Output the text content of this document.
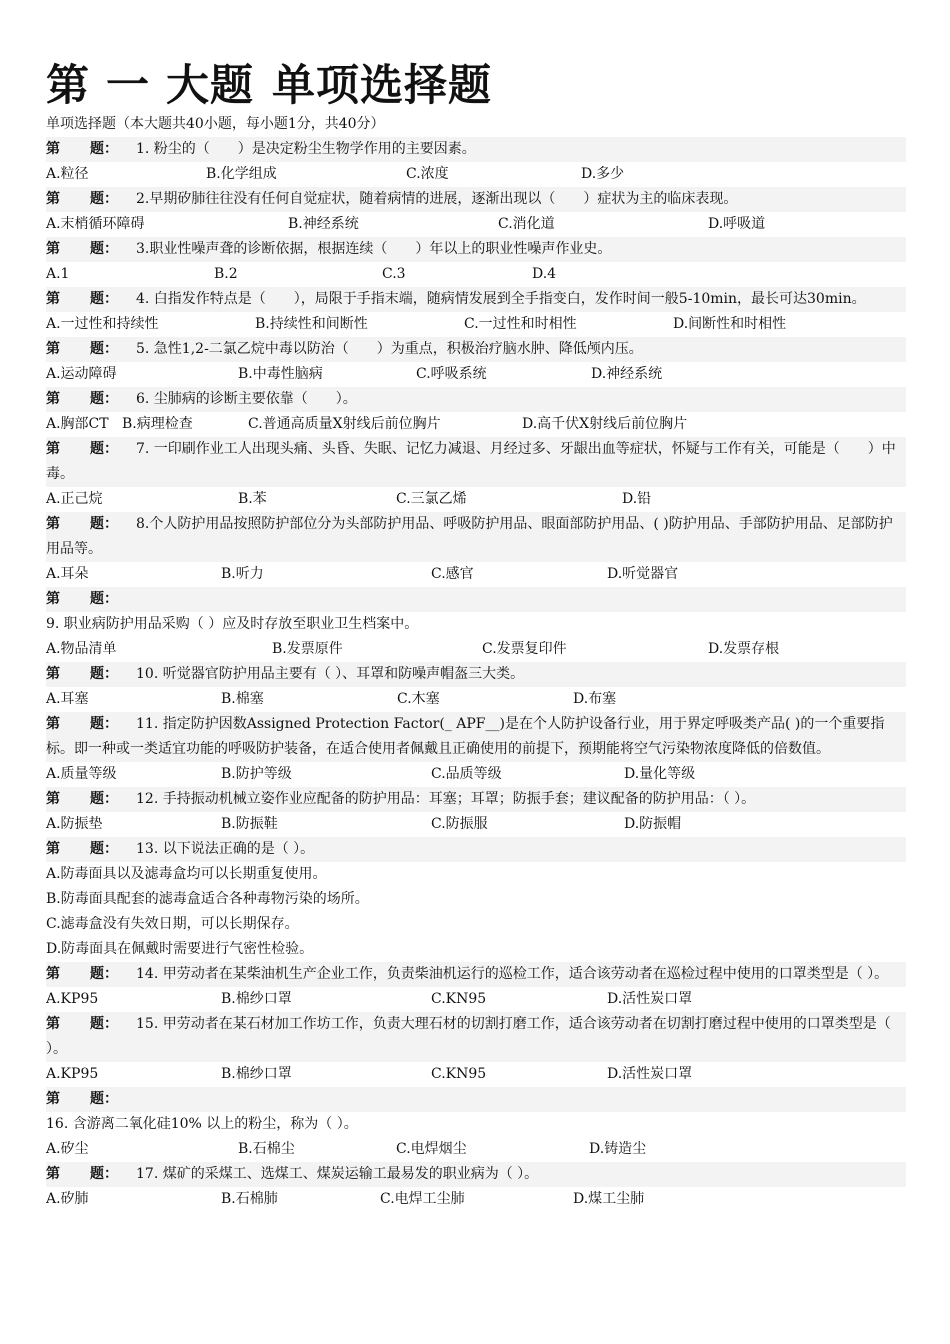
第 一 大题 单项选择题
单项选择题（本大题共40小题，每小题1分，共40分）
第 题： 1. 粉尘的（　　）是决定粉尘生物学作用的主要因素。
A.粒径	B.化学组成	C.浓度	D.多少
第 题： 2.早期矽肺往往没有任何自觉症状，随着病情的进展，逐渐出现以（　　）症状为主的临床表现。
A.末梢循环障碍	B.神经系统	C.消化道	D.呼吸道
第 题： 3.职业性噪声聋的诊断依据，根据连续（　　）年以上的职业性噪声作业史。
A.1	B.2	C.3	D.4
第 题： 4. 白指发作特点是（　　），局限于手指末端，随病情发展到全手指变白，发作时间一般5-10min，最长可达30min。
A.一过性和持续性	B.持续性和间断性	C.一过性和时相性	D.间断性和时相性
第 题： 5. 急性1,2-二氯乙烷中毒以防治（　　）为重点，积极治疗脑水肿、降低颅内压。
A.运动障碍	B.中毒性脑病	C.呼吸系统	D.神经系统
第 题： 6. 尘肺病的诊断主要依靠（　　）。
A.胸部CT B.病理检查	C.普通高质量X射线后前位胸片	D.高千伏X射线后前位胸片
第 题： 7. 一印刷作业工人出现头痛、头昏、失眠、记忆力减退、月经过多、牙龈出血等症状，怀疑与工作有关，可能是（　　）中毒。
A.正己烷	B.苯	C.三氯乙烯	D.铅
第 题： 8.个人防护用品按照防护部位分为头部防护用品、呼吸防护用品、眼面部防护用品、( )防护用品、手部防护用品、足部防护用品等。
A.耳朵	B.听力	C.感官	D.听觉器官
第 题：
9. 职业病防护用品采购（ ）应及时存放至职业卫生档案中。
A.物品清单	B.发票原件	C.发票复印件	D.发票存根
第 题： 10. 听觉器官防护用品主要有（ ）、耳罩和防噪声帽盔三大类。
A.耳塞	B.棉塞	C.木塞	D.布塞
第 题： 11. 指定防护因数Assigned Protection Factor(_ APF__)是在个人防护设备行业，用于界定呼吸类产品( )的一个重要指标。即一种或一类适宜功能的呼吸防护装备，在适合使用者佩戴且正确使用的前提下，预期能将空气污染物浓度降低的倍数值。
A.质量等级	B.防护等级	C.品质等级	D.量化等级
第 题： 12. 手持振动机械立姿作业应配备的防护用品：耳塞；耳罩；防振手套；建议配备的防护用品：（ ）。
A.防振垫	B.防振鞋	C.防振服	D.防振帽
第 题： 13. 以下说法正确的是（ ）。
A.防毒面具以及滤毒盒均可以长期重复使用。
B.防毒面具配套的滤毒盒适合各种毒物污染的场所。
C.滤毒盒没有失效日期，可以长期保存。
D.防毒面具在佩戴时需要进行气密性检验。
第 题： 14. 甲劳动者在某柴油机生产企业工作，负责柴油机运行的巡检工作，适合该劳动者在巡检过程中使用的口罩类型是（ ）。
A.KP95	B.棉纱口罩	C.KN95	D.活性炭口罩
第 题： 15. 甲劳动者在某石材加工作坊工作，负责大理石材的切割打磨工作，适合该劳动者在切割打磨过程中使用的口罩类型是（ ）。
A.KP95	B.棉纱口罩	C.KN95	D.活性炭口罩
第 题：
16. 含游离二氧化硅10% 以上的粉尘，称为（ ）。
A.矽尘	B.石棉尘	C.电焊烟尘	D.铸造尘
第 题： 17. 煤矿的采煤工、选煤工、煤炭运输工最易发的职业病为（ ）。
A.矽肺	B.石棉肺	C.电焊工尘肺	D.煤工尘肺
